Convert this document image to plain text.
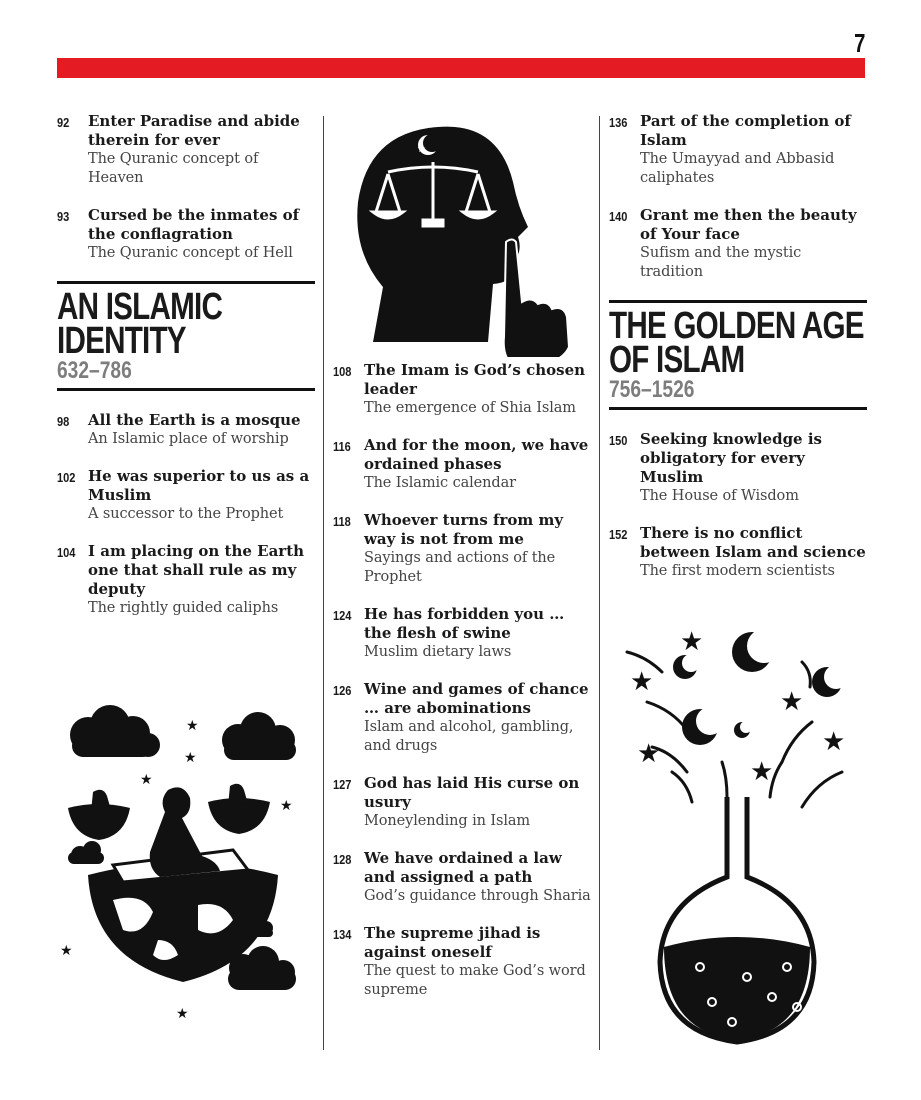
7
92 Enter Paradise and abide therein for ever
The Quranic concept of Heaven
93 Cursed be the inmates of the conflagration
The Quranic concept of Hell
AN ISLAMIC
IDENTITY
632–786
98 All the Earth is a mosque
An Islamic place of worship
102 He was superior to us as a Muslim
A successor to the Prophet
104 I am placing on the Earth one that shall rule as my deputy
The rightly guided caliphs
★
★
★
★
★
★
★
108 The Imam is God’s chosen leader
The emergence of Shia Islam
116 And for the moon, we have ordained phases
The Islamic calendar
118 Whoever turns from my way is not from me
Sayings and actions of the Prophet
124 He has forbidden you … the flesh of swine
Muslim dietary laws
126 Wine and games of chance … are abominations
Islam and alcohol, gambling, and drugs
127 God has laid His curse on usury
Moneylending in Islam
128 We have ordained a law and assigned a path
God’s guidance through Sharia
134 The supreme jihad is against oneself
The quest to make God’s word supreme
136 Part of the completion of Islam
The Umayyad and Abbasid caliphates
140 Grant me then the beauty of Your face
Sufism and the mystic tradition
THE GOLDEN AGE
OF ISLAM
756–1526
150 Seeking knowledge is obligatory for every Muslim
The House of Wisdom
152 There is no conflict between Islam and science
The first modern scientists
★
★
★
★
★
★
